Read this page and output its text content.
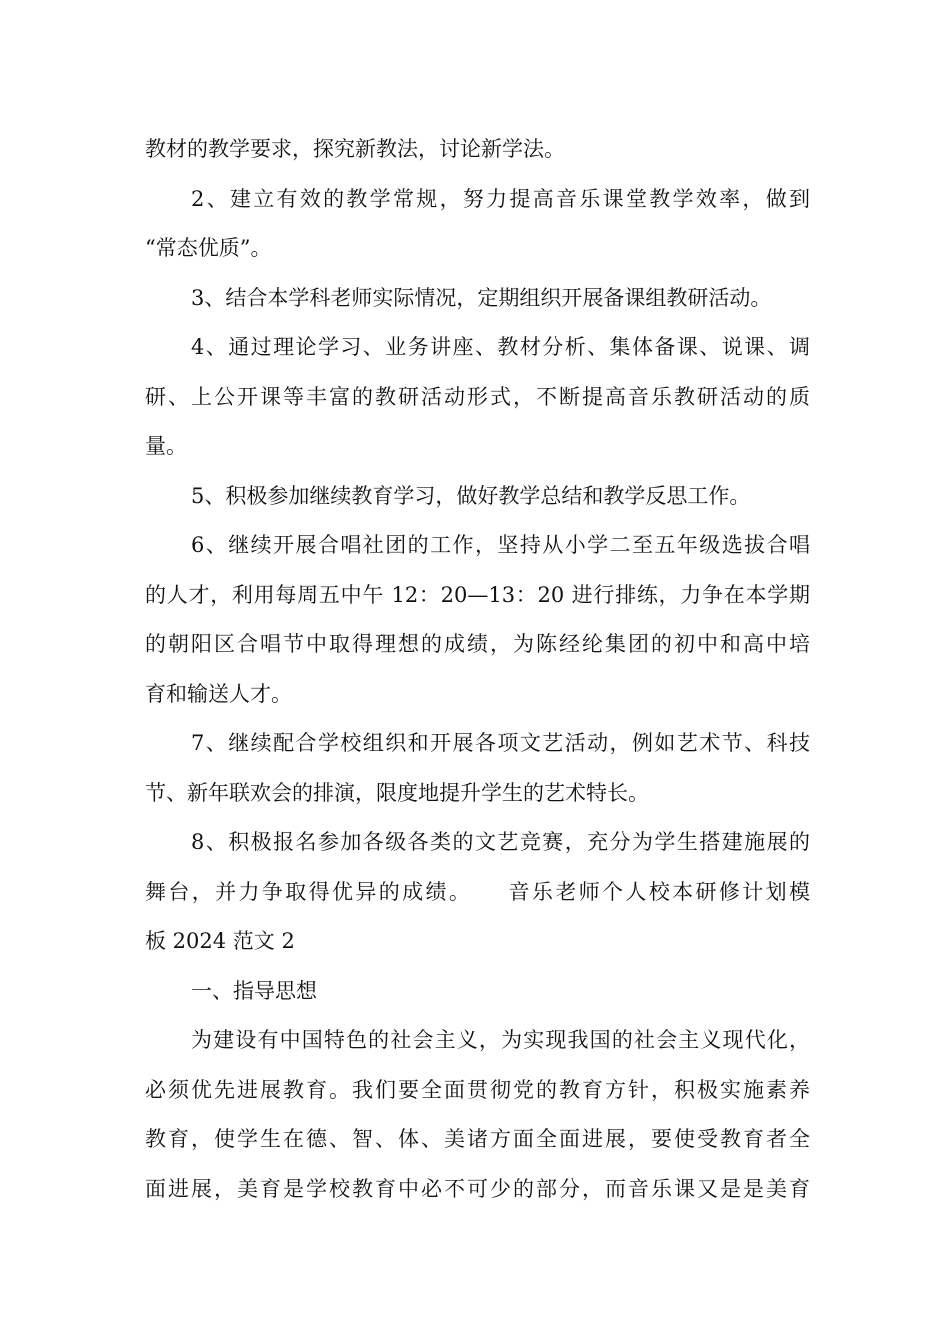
教材的教学要求，探究新教法，讨论新学法。
2、建立有效的教学常规，努力提高音乐课堂教学效率，做到
“常态优质”。
3、结合本学科老师实际情况，定期组织开展备课组教研活动。
4、通过理论学习、业务讲座、教材分析、集体备课、说课、调
研、上公开课等丰富的教研活动形式，不断提高音乐教研活动的质
量。
5、积极参加继续教育学习，做好教学总结和教学反思工作。
6、继续开展合唱社团的工作，坚持从小学二至五年级选拔合唱
的人才，利用每周五中午 12：20—13：20 进行排练，力争在本学期
的朝阳区合唱节中取得理想的成绩，为陈经纶集团的初中和高中培
育和输送人才。
7、继续配合学校组织和开展各项文艺活动，例如艺术节、科技
节、新年联欢会的排演，限度地提升学生的艺术特长。
8、积极报名参加各级各类的文艺竞赛，充分为学生搭建施展的
舞台，并力争取得优异的成绩。　　音乐老师个人校本研修计划模
板 2024 范文 2
一、指导思想
为建设有中国特色的社会主义，为实现我国的社会主义现代化，
必须优先进展教育。我们要全面贯彻党的教育方针，积极实施素养
教育，使学生在德、智、体、美诸方面全面进展，要使受教育者全
面进展，美育是学校教育中必不可少的部分，而音乐课又是是美育
